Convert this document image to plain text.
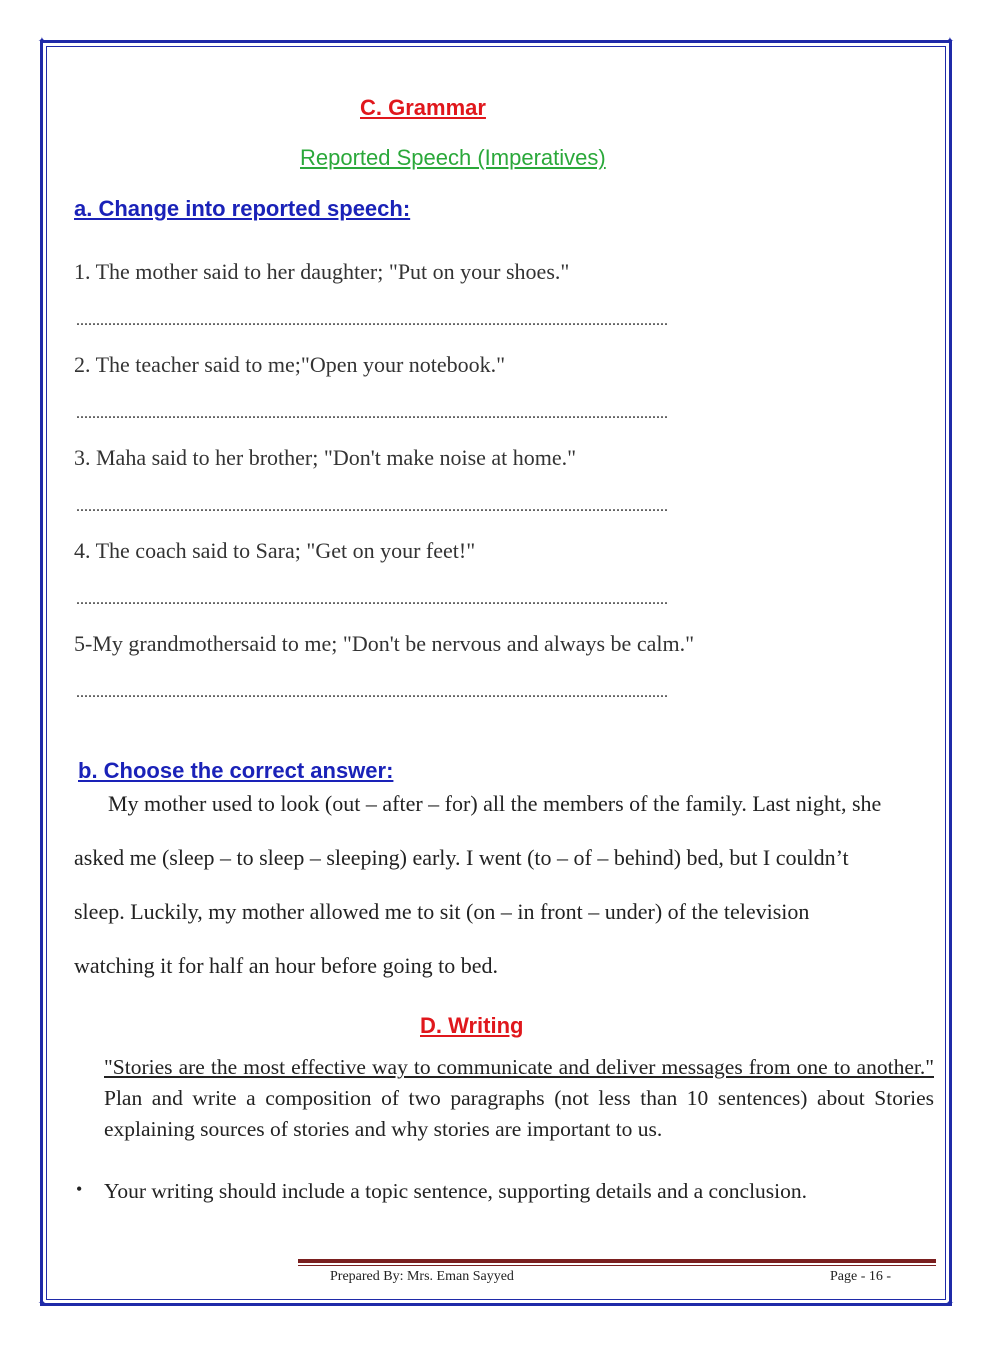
✦	✦
✦	✦
C. Grammar
Reported Speech (Imperatives)
a. Change into reported speech:
1. The mother said to her daughter; "Put on your shoes."
....................................................................................................................................................
2. The teacher said to me;"Open your notebook."
....................................................................................................................................................
3. Maha said to her brother; "Don't make noise at home."
....................................................................................................................................................
4. The coach said to Sara; "Get on your feet!"
....................................................................................................................................................
5-My grandmothersaid to me; "Don't be nervous and always be calm."
....................................................................................................................................................
b. Choose the correct answer:
My mother used to look (out – after – for) all the members of the family. Last night, she
asked me (sleep – to sleep – sleeping) early. I went (to – of – behind) bed, but I couldn’t
sleep. Luckily, my mother allowed me to sit (on – in front – under) of the television
watching it for half an hour before going to bed.
D. Writing
"Stories are the most effective way to communicate and deliver messages from one to another." Plan and write a composition of two paragraphs (not less than 10 sentences) about Stories explaining sources of stories and why stories are important to us.
• Your writing should include a topic sentence, supporting details and a conclusion.
Prepared By: Mrs. Eman Sayyed	Page - 16 -
